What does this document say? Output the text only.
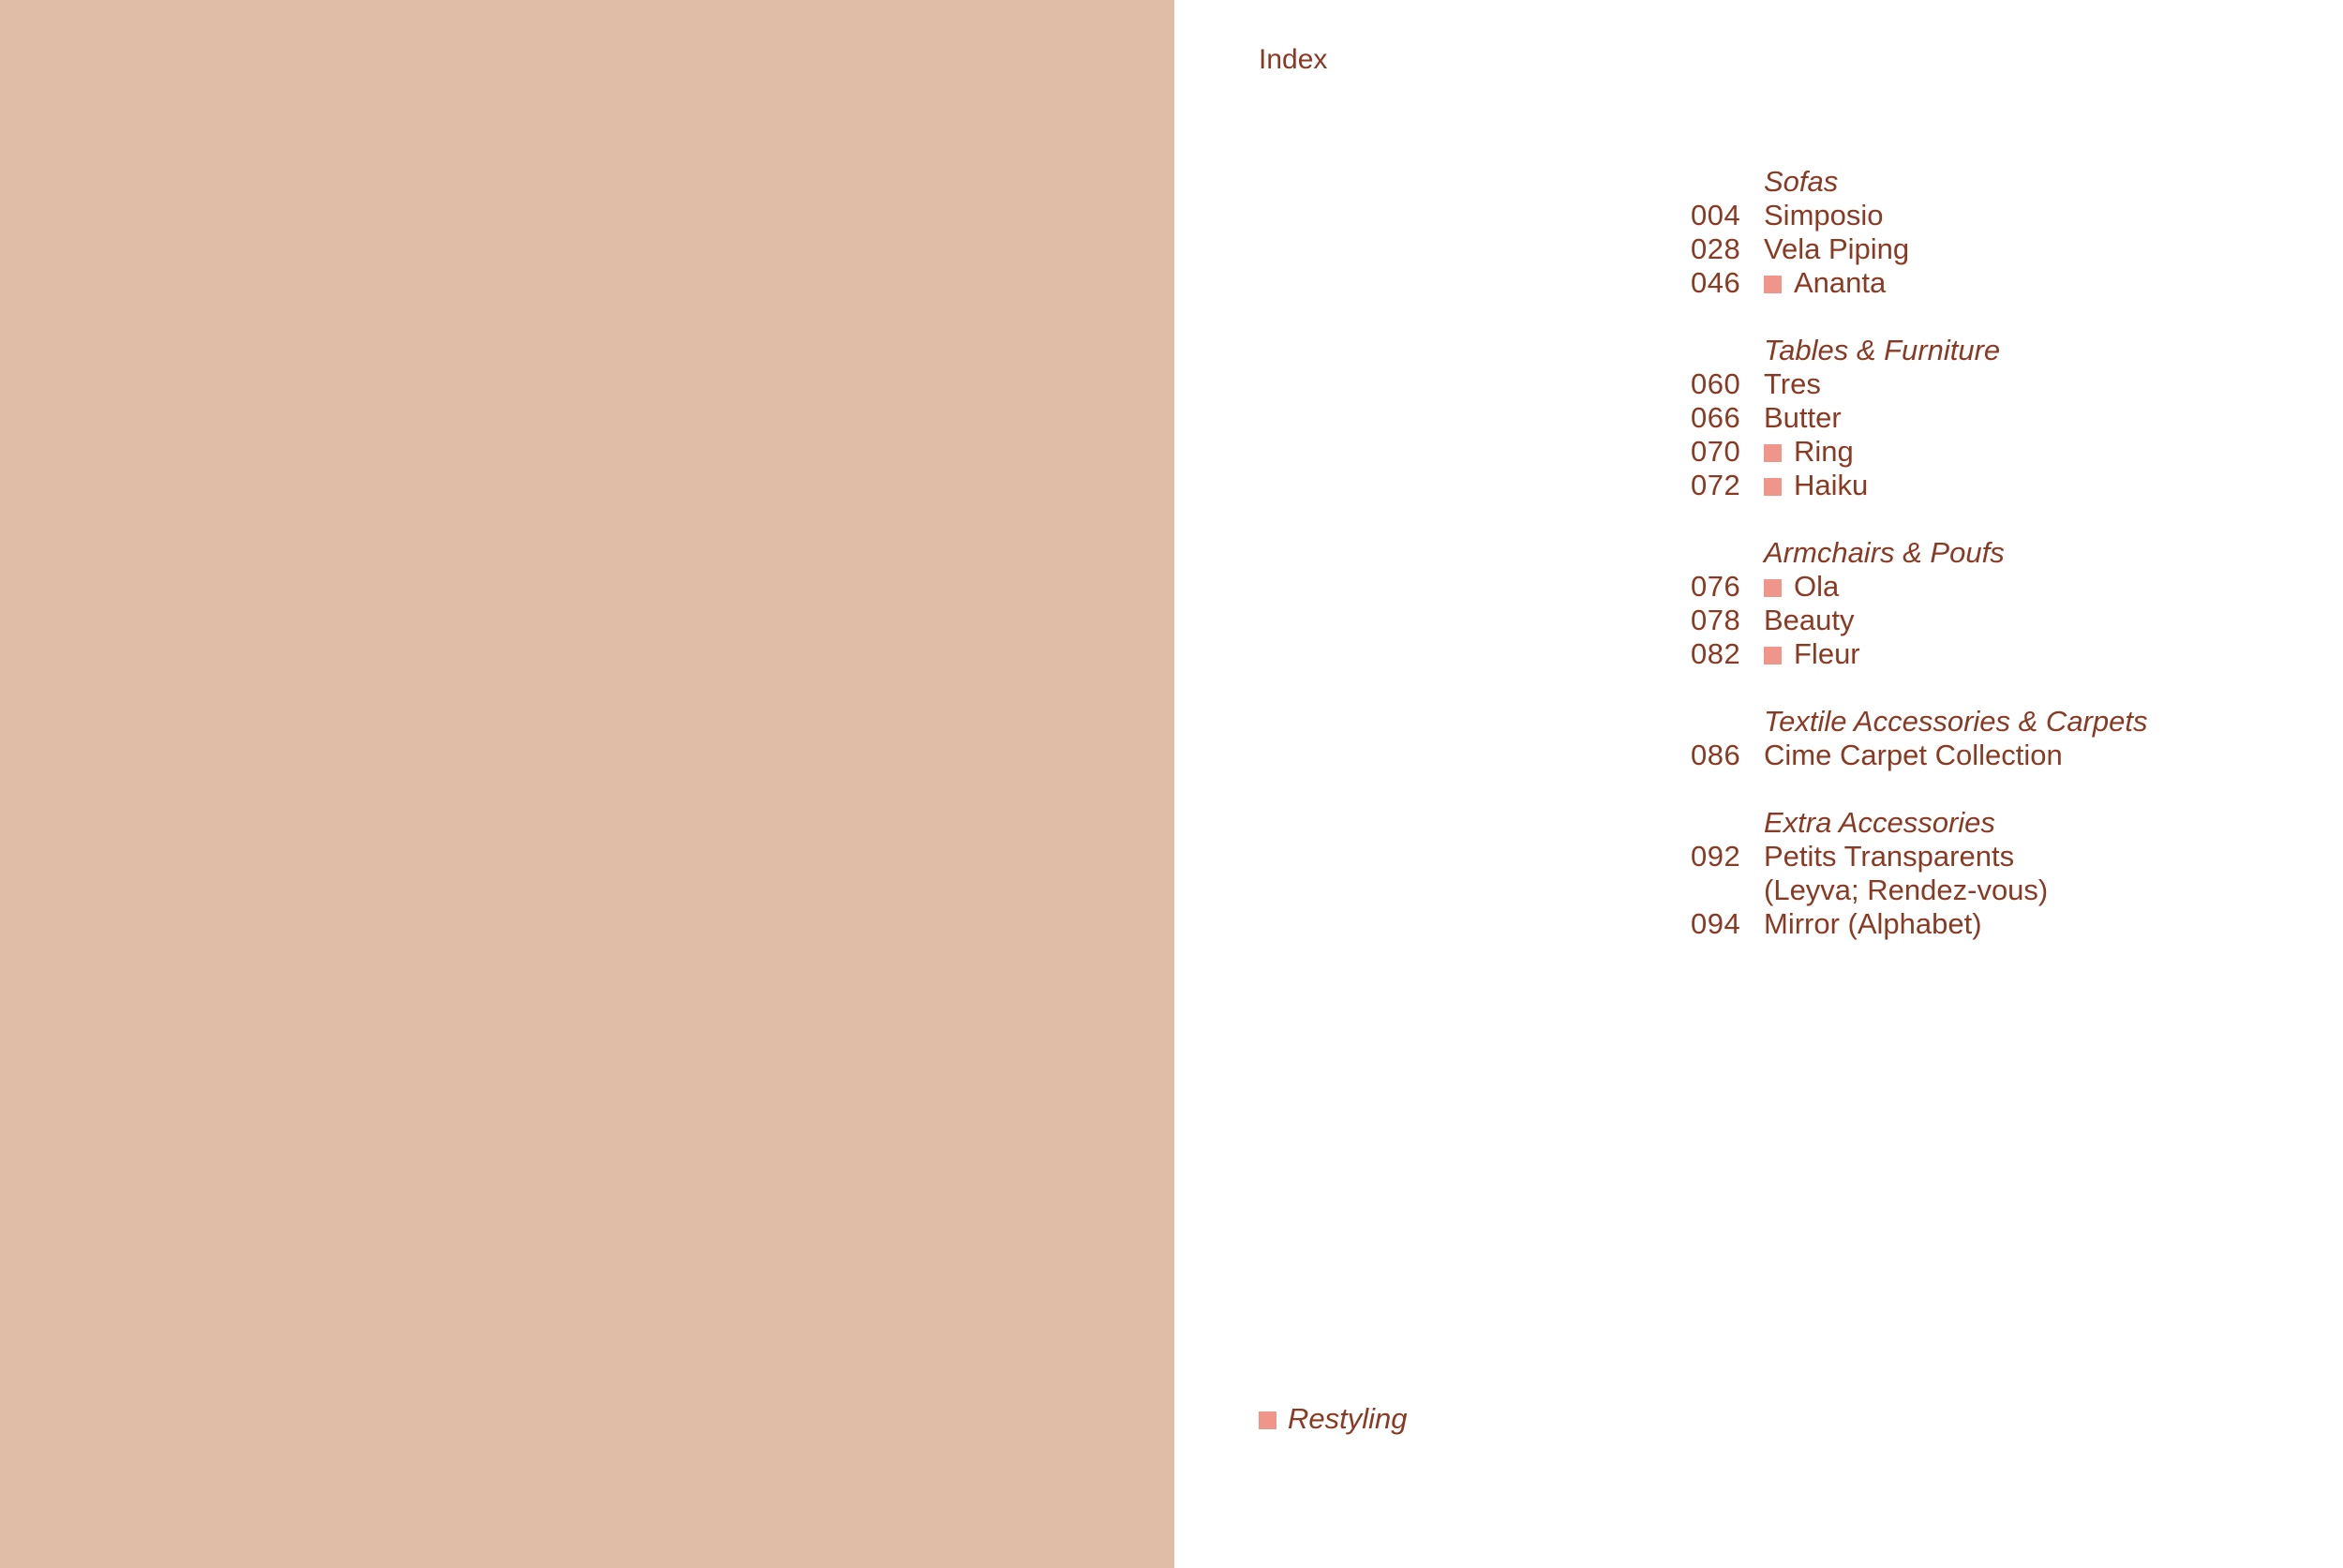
Index
Sofas
004 Simposio
028 Vela Piping
046	Ananta
Tables & Furniture
060 Tres
066 Butter
070	Ring
072	Haiku
Armchairs & Poufs
076	Ola
078 Beauty
082	Fleur
Textile Accessories & Carpets
086 Cime Carpet Collection
Extra Accessories
092 Petits Transparents
(Leyva; Rendez-vous)
094 Mirror (Alphabet)
Restyling
